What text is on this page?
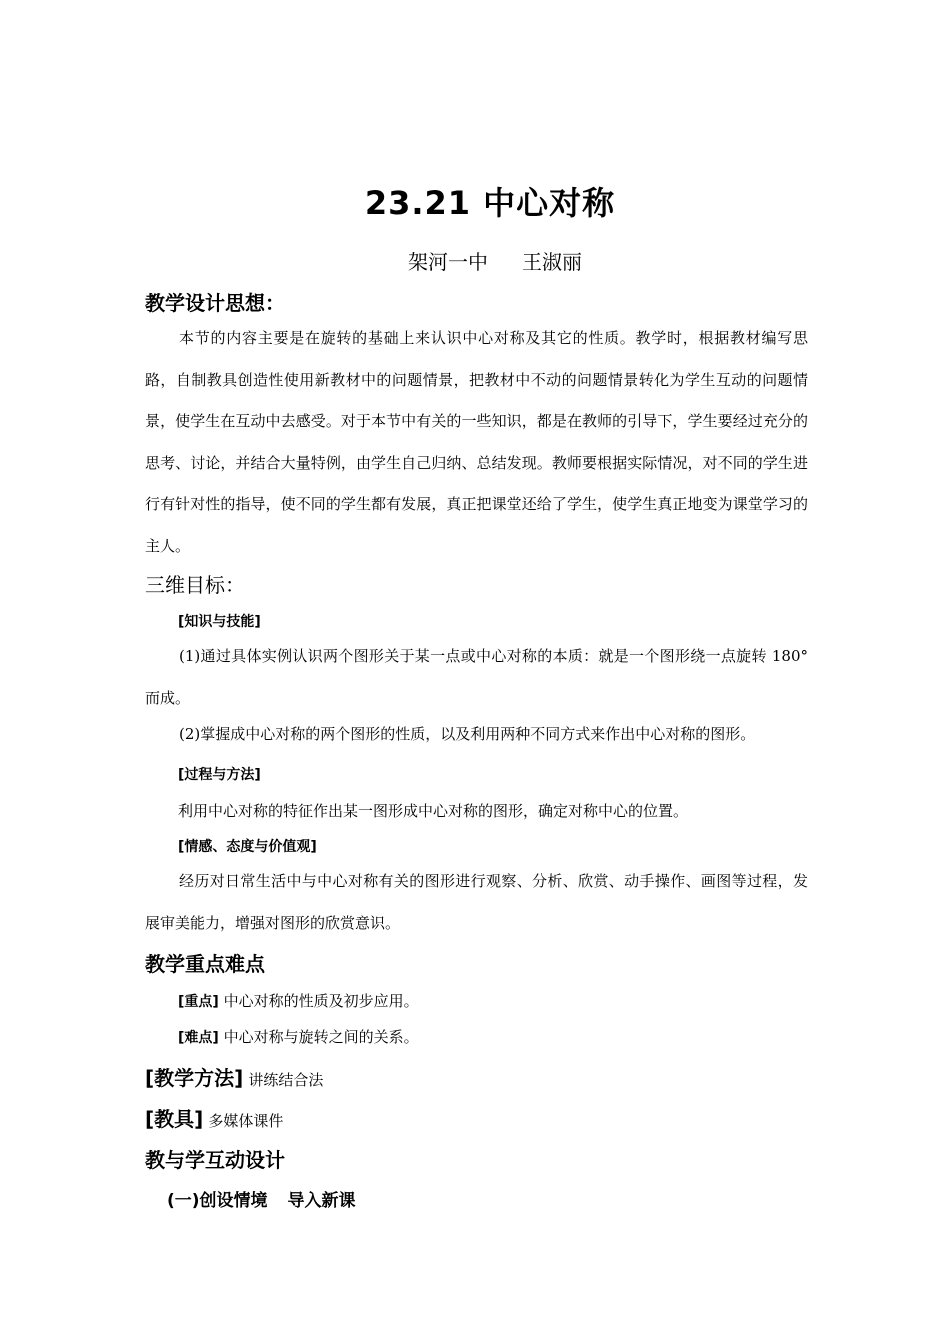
23.21 中心对称
架河一中 王淑丽
教学设计思想：
本节的内容主要是在旋转的基础上来认识中心对称及其它的性质。教学时，根据教材编写思路，自制教具创造性使用新教材中的问题情景，把教材中不动的问题情景转化为学生互动的问题情景，使学生在互动中去感受。对于本节中有关的一些知识，都是在教师的引导下，学生要经过充分的思考、讨论，并结合大量特例，由学生自己归纳、总结发现。教师要根据实际情况，对不同的学生进行有针对性的指导，使不同的学生都有发展，真正把课堂还给了学生，使学生真正地变为课堂学习的主人。
三维目标：
[知识与技能]
(1)通过具体实例认识两个图形关于某一点或中心对称的本质：就是一个图形绕一点旋转 180°而成。
(2)掌握成中心对称的两个图形的性质，以及利用两种不同方式来作出中心对称的图形。
[过程与方法]
利用中心对称的特征作出某一图形成中心对称的图形，确定对称中心的位置。
[情感、态度与价值观]
经历对日常生活中与中心对称有关的图形进行观察、分析、欣赏、动手操作、画图等过程，发展审美能力，增强对图形的欣赏意识。
教学重点难点
[重点] 中心对称的性质及初步应用。
[难点] 中心对称与旋转之间的关系。
[教学方法] 讲练结合法
[教具] 多媒体课件
教与学互动设计
(一)创设情境 导入新课
